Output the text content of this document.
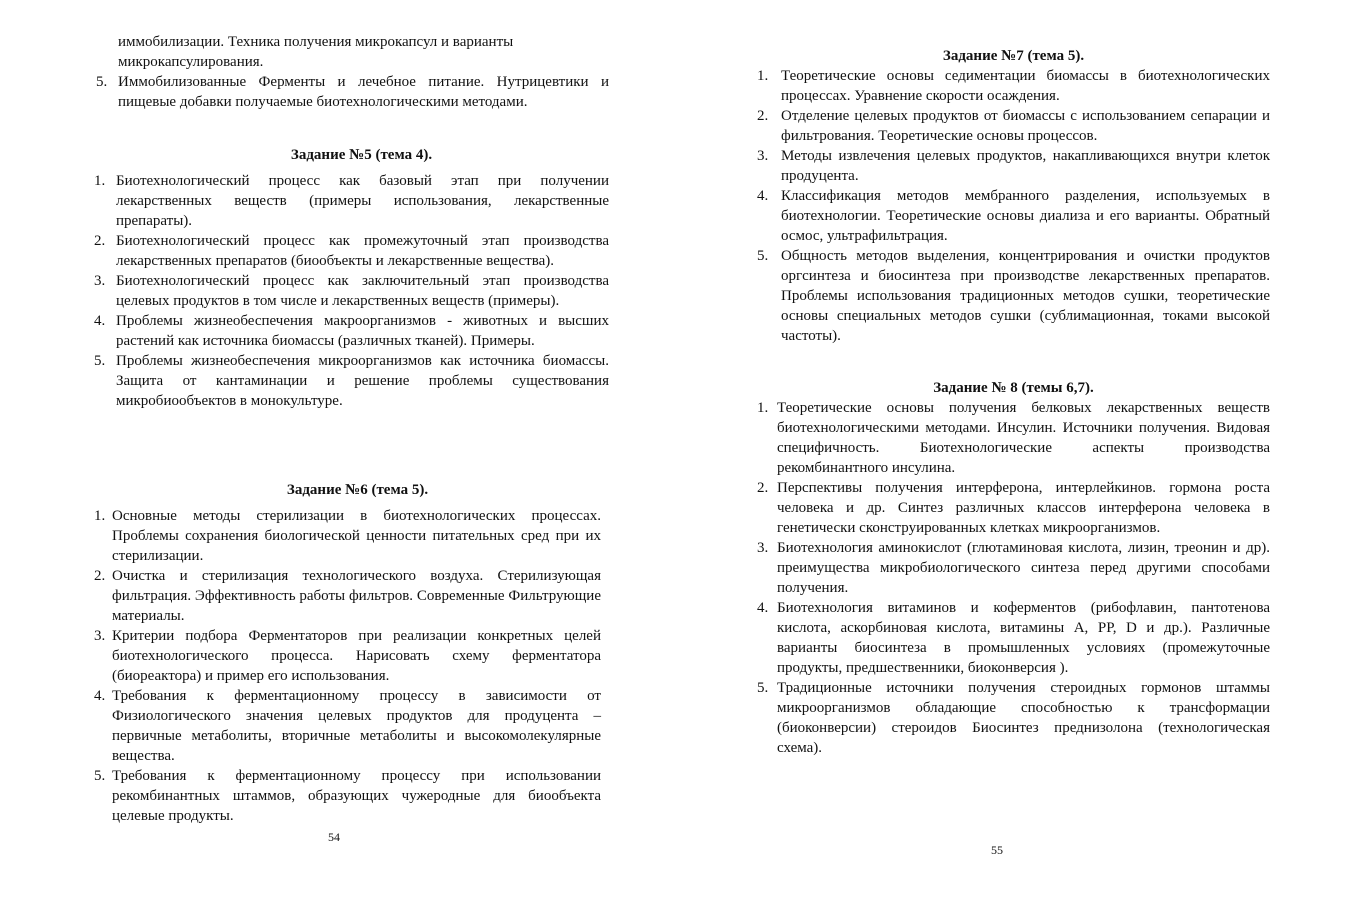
иммобилизации. Техника получения микрокапсул и варианты

микрокапсулирования.

5. Иммобилизованные Ферменты и лечебное питание. Нутрицевтики и пищевые добавки получаемые биотехнологическими методами.

Задание №5 (тема 4).

1. Биотехнологический процесс как базовый этап при получении лекарственных веществ (примеры использования, лекарственные препараты).
2. Биотехнологический процесс как промежуточный этап производства лекарственных препаратов (биообъекты и лекарственные вещества).
3. Биотехнологический процесс как заключительный этап производства целевых продуктов в том числе и лекарственных веществ (примеры).
4. Проблемы жизнеобеспечения макроорганизмов - животных и высших растений как источника биомассы (различных тканей). Примеры.
5. Проблемы жизнеобеспечения микроорганизмов как источника биомассы. Защита от кантаминации и решение проблемы существования микробиообъектов в монокультуре.

Задание №6 (тема 5).

1. Основные методы стерилизации в биотехнологических процессах. Проблемы сохранения биологической ценности питательных сред при их стерилизации.
2. Очистка и стерилизация технологического воздуха. Стерилизующая фильтрация. Эффективность работы фильтров. Современные Фильтрующие материалы.
3. Критерии подбора Ферментаторов при реализации конкретных целей биотехнологического процесса. Нарисовать схему ферментатора (биореактора) и пример его использования.
4. Требования к ферментационному процессу в зависимости от Физиологического значения целевых продуктов для продуцента – первичные метаболиты, вторичные метаболиты и высокомолекулярные вещества.
5. Требования к ферментационному процессу при использовании рекомбинантных штаммов, образующих чужеродные для биообъекта целевые продукты.
54

Задание №7 (тема 5).

1. Теоретические основы седиментации биомассы в биотехнологических процессах. Уравнение скорости осаждения.
2. Отделение целевых продуктов от биомассы с использованием сепарации и фильтрования. Теоретические основы процессов.
3. Методы извлечения целевых продуктов, накапливающихся внутри клеток продуцента.
4. Классификация методов мембранного разделения, используемых в биотехнологии. Теоретические основы диализа и его варианты. Обратный осмос, ультрафильтрация.
5. Общность методов выделения, концентрирования и очистки продуктов оргсинтеза и биосинтеза при производстве лекарственных препаратов. Проблемы использования традиционных методов сушки, теоретические основы специальных методов сушки (сублимационная, токами высокой частоты).

Задание № 8 (темы 6,7).

1. Теоретические основы получения белковых лекарственных веществ биотехнологическими методами. Инсулин. Источники получения. Видовая специфичность. Биотехнологические аспекты производства рекомбинантного инсулина.
2. Перспективы получения интерферона, интерлейкинов. гормона роста человека и др. Синтез различных классов интерферона человека в генетически сконструированных клетках микроорганизмов.
3. Биотехнология аминокислот (глютаминовая кислота, лизин, треонин и др). преимущества микробиологического синтеза перед другими способами получения.
4. Биотехнология витаминов и коферментов (рибофлавин, пантотенова кислота, аскорбиновая кислота, витамины А, РР, D и др.). Различные варианты биосинтеза в промышленных условиях (промежуточные продукты, предшественники, биоконверсия ).
5. Традиционные источники получения стероидных гормонов штаммы микроорганизмов обладающие способностью к трансформации (биоконверсии) стероидов Биосинтез преднизолона (технологическая схема).
55
